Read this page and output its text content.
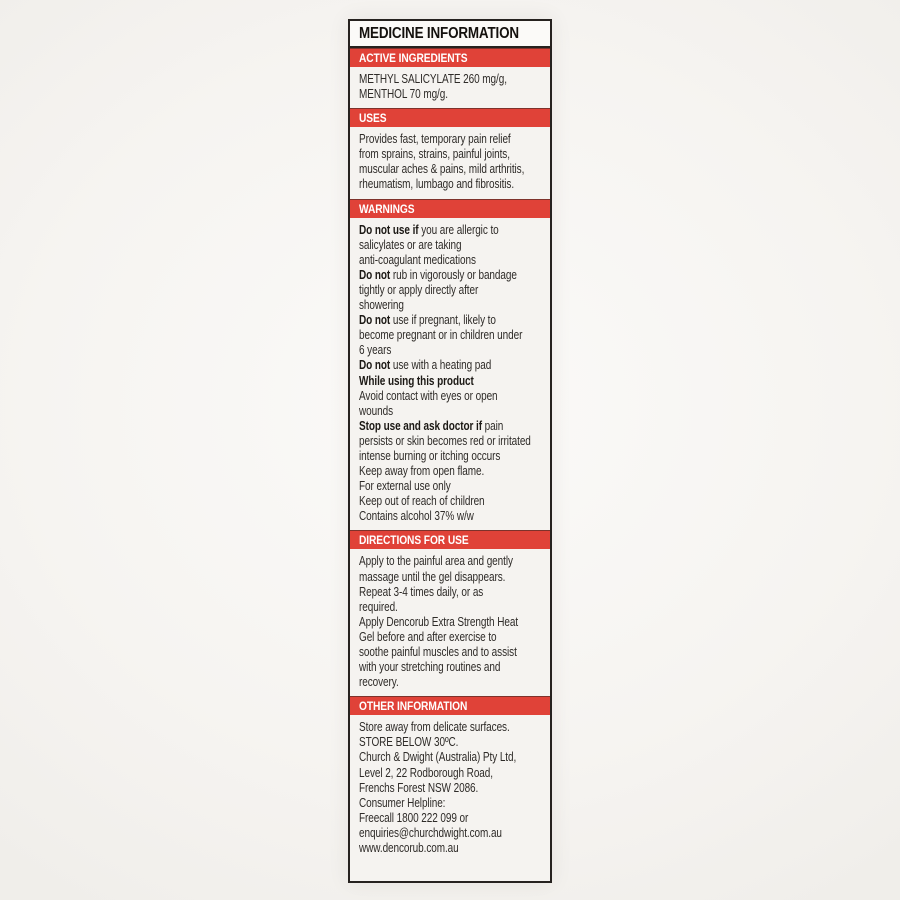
MEDICINE INFORMATION
ACTIVE INGREDIENTS
METHYL SALICYLATE 260 mg/g,
MENTHOL 70 mg/g.
USES
Provides fast, temporary pain relief
from sprains, strains, painful joints,
muscular aches & pains, mild arthritis,
rheumatism, lumbago and fibrositis.
WARNINGS
Do not use if you are allergic to
salicylates or are taking
anti-coagulant medications
Do not rub in vigorously or bandage
tightly or apply directly after
showering
Do not use if pregnant, likely to
become pregnant or in children under
6 years
Do not use with a heating pad
While using this product
Avoid contact with eyes or open
wounds
Stop use and ask doctor if pain
persists or skin becomes red or irritated
intense burning or itching occurs
Keep away from open flame.
For external use only
Keep out of reach of children
Contains alcohol 37% w/w
DIRECTIONS FOR USE
Apply to the painful area and gently
massage until the gel disappears.
Repeat 3-4 times daily, or as
required.
Apply Dencorub Extra Strength Heat
Gel before and after exercise to
soothe painful muscles and to assist
with your stretching routines and
recovery.
OTHER INFORMATION
Store away from delicate surfaces.
STORE BELOW 30ºC.
Church & Dwight (Australia) Pty Ltd,
Level 2, 22 Rodborough Road,
Frenchs Forest NSW 2086.
Consumer Helpline:
Freecall 1800 222 099 or
enquiries@churchdwight.com.au
www.dencorub.com.au
